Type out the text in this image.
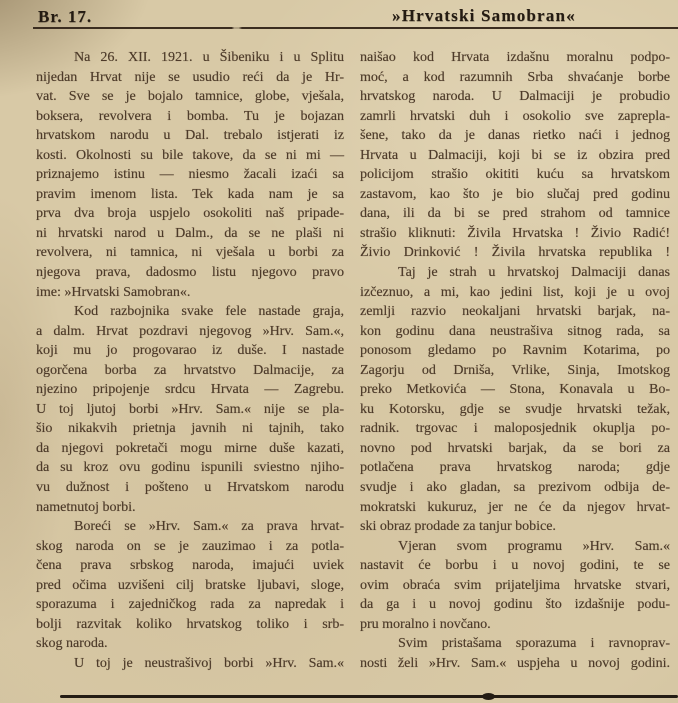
Br. 17.	»Hrvatski Samobran«
Na 26. XII. 1921. u Šibeniku i u Splitu
nijedan Hrvat nije se usudio reći da je Hr-
vat. Sve se je bojalo tamnice, globe, vješala,
boksera, revolvera i bomba. Tu je bojazan
hrvatskom narodu u Dal. trebalo istjerati iz
kosti. Okolnosti su bile takove, da se ni mi —
priznajemo istinu — niesmo žacali izaći sa
pravim imenom lista. Tek kada nam je sa
prva dva broja uspjelo osokoliti naš pripade-
ni hrvatski narod u Dalm., da se ne plaši ni
revolvera, ni tamnica, ni vješala u borbi za
njegova prava, dadosmo listu njegovo pravo
ime: »Hrvatski Samobran«.
Kod razbojnika svake fele nastade graja,
a dalm. Hrvat pozdravi njegovog »Hrv. Sam.«,
koji mu jo progovarao iz duše. I nastade
ogorčena borba za hrvatstvo Dalmacije, za
njezino pripojenje srdcu Hrvata — Zagrebu.
U toj ljutoj borbi »Hrv. Sam.« nije se pla-
šio nikakvih prietnja javnih ni tajnih, tako
da njegovi pokretači mogu mirne duše kazati,
da su kroz ovu godinu ispunili sviestno njiho-
vu dužnost i pošteno u Hrvatskom narodu
nametnutoj borbi.
Boreći se »Hrv. Sam.« za prava hrvat-
skog naroda on se je zauzimao i za potla-
čena prava srbskog naroda, imajući uviek
pred očima uzvišeni cilj bratske ljubavi, sloge,
sporazuma i zajedničkog rada za napredak i
bolji razvitak koliko hrvatskog toliko i srb-
skog naroda.
U toj je neustrašivoj borbi »Hrv. Sam.«
naišao kod Hrvata izdašnu moralnu podpo-
moć, a kod razumnih Srba shvaćanje borbe
hrvatskog naroda. U Dalmaciji je probudio
zamrli hrvatski duh i osokolio sve zaprepla-
šene, tako da je danas rietko naći i jednog
Hrvata u Dalmaciji, koji bi se iz obzira pred
policijom strašio okititi kuću sa hrvatskom
zastavom, kao što je bio slučaj pred godinu
dana, ili da bi se pred strahom od tamnice
strašio kliknuti: Živila Hrvatska ! Živio Radić!
Živio Drinković ! Živila hrvatska republika !
Taj je strah u hrvatskoj Dalmaciji danas
izčeznuo, a mi, kao jedini list, koji je u ovoj
zemlji razvio neokaljani hrvatski barjak, na-
kon godinu dana neustrašiva sitnog rada, sa
ponosom gledamo po Ravnim Kotarima, po
Zagorju od Drniša, Vrlike, Sinja, Imotskog
preko Metkovića — Stona, Konavala u Bo-
ku Kotorsku, gdje se svudje hrvatski težak,
radnik. trgovac i maloposjednik okuplja po-
novno pod hrvatski barjak, da se bori za
potlačena prava hrvatskog naroda; gdje
svudje i ako gladan, sa prezivom odbija de-
mokratski kukuruz, jer ne će da njegov hrvat-
ski obraz prodade za tanjur bobice.
Vjeran svom programu »Hrv. Sam.«
nastavit će borbu i u novoj godini, te se
ovim obraća svim prijateljima hrvatske stvari,
da ga i u novoj godinu što izdašnije podu-
pru moralno i novčano.
Svim pristašama sporazuma i ravnoprav-
nosti želi »Hrv. Sam.« uspjeha u novoj godini.
